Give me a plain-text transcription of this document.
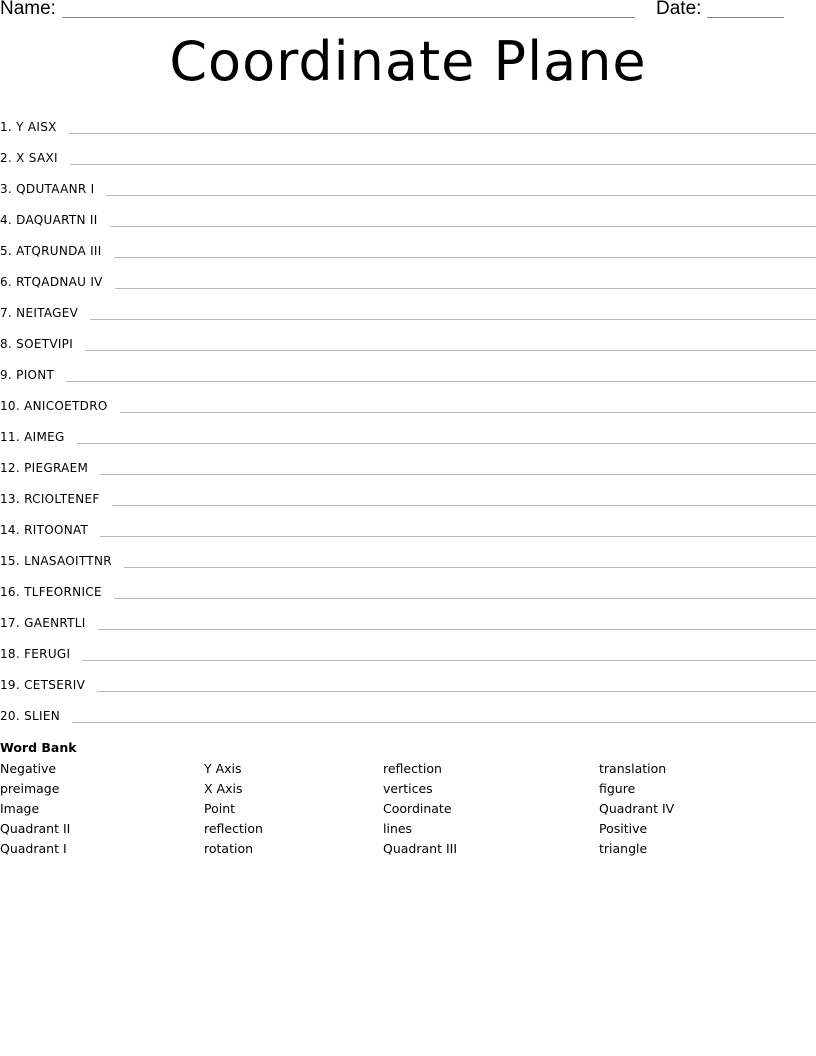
Name:	Date:
Coordinate Plane
1. Y AISX
2. X SAXI
3. QDUTAANR I
4. DAQUARTN II
5. ATQRUNDA III
6. RTQADNAU IV
7. NEITAGEV
8. SOETVIPI
9. PIONT
10. ANICOETDRO
11. AIMEG
12. PIEGRAEM
13. RCIOLTENEF
14. RITOONAT
15. LNASAOITTNR
16. TLFEORNICE
17. GAENRTLI
18. FERUGI
19. CETSERIV
20. SLIEN
Word Bank
Negative
preimage
Image
Quadrant II
Quadrant I
Y Axis
X Axis
Point
reflection
rotation
reflection
vertices
Coordinate
lines
Quadrant III
translation
figure
Quadrant IV
Positive
triangle
